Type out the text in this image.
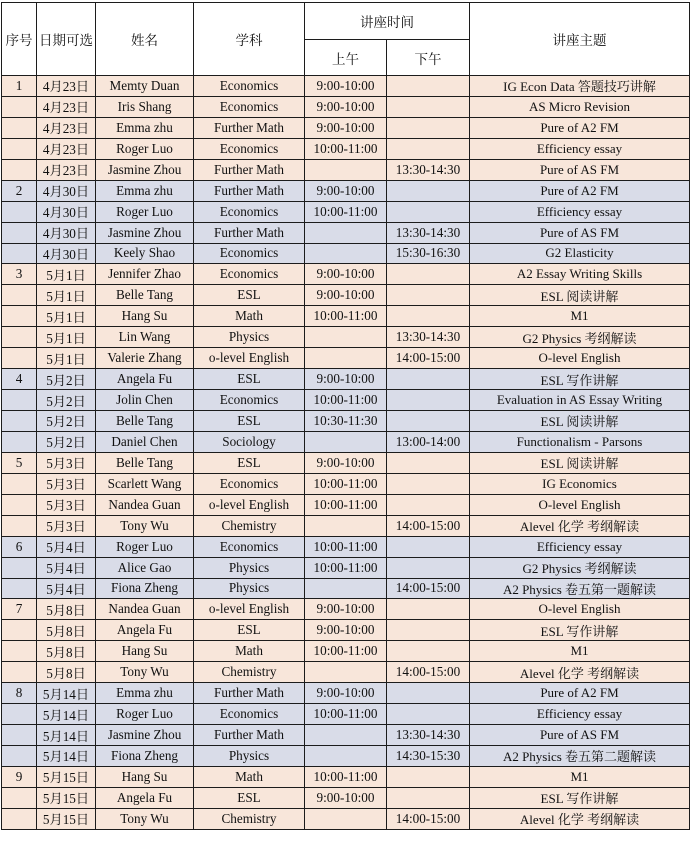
序号	日期可选	姓名	学科	讲座时间		讲座主题
				上午	下午	
1	4月23日	Memty Duan	Economics	9:00-10:00		IG Econ Data 答题技巧讲解
	4月23日	Iris Shang	Economics	9:00-10:00		AS Micro Revision
	4月23日	Emma zhu	Further Math	9:00-10:00		Pure of A2 FM
	4月23日	Roger Luo	Economics	10:00-11:00		Efficiency essay
	4月23日	Jasmine Zhou	Further Math		13:30-14:30	Pure of AS FM
2	4月30日	Emma zhu	Further Math	9:00-10:00		Pure of A2 FM
	4月30日	Roger Luo	Economics	10:00-11:00		Efficiency essay
	4月30日	Jasmine Zhou	Further Math		13:30-14:30	Pure of AS FM
	4月30日	Keely Shao	Economics		15:30-16:30	G2 Elasticity
3	5月1日	Jennifer Zhao	Economics	9:00-10:00		A2 Essay Writing Skills
	5月1日	Belle Tang	ESL	9:00-10:00		ESL 阅读讲解
	5月1日	Hang Su	Math	10:00-11:00		M1
	5月1日	Lin Wang	Physics		13:30-14:30	G2 Physics 考纲解读
	5月1日	Valerie Zhang	o-level English		14:00-15:00	O-level English
4	5月2日	Angela Fu	ESL	9:00-10:00		ESL 写作讲解
	5月2日	Jolin Chen	Economics	10:00-11:00		Evaluation in AS Essay Writing
	5月2日	Belle Tang	ESL	10:30-11:30		ESL 阅读讲解
	5月2日	Daniel Chen	Sociology		13:00-14:00	Functionalism - Parsons
5	5月3日	Belle Tang	ESL	9:00-10:00		ESL 阅读讲解
	5月3日	Scarlett Wang	Economics	10:00-11:00		IG Economics
	5月3日	Nandea Guan	o-level English	10:00-11:00		O-level English
	5月3日	Tony Wu	Chemistry		14:00-15:00	Alevel 化学 考纲解读
6	5月4日	Roger Luo	Economics	10:00-11:00		Efficiency essay
	5月4日	Alice Gao	Physics	10:00-11:00		G2 Physics 考纲解读
	5月4日	Fiona Zheng	Physics		14:00-15:00	A2 Physics 卷五第一题解读
7	5月8日	Nandea Guan	o-level English	9:00-10:00		O-level English
	5月8日	Angela Fu	ESL	9:00-10:00		ESL 写作讲解
	5月8日	Hang Su	Math	10:00-11:00		M1
	5月8日	Tony Wu	Chemistry		14:00-15:00	Alevel 化学 考纲解读
8	5月14日	Emma zhu	Further Math	9:00-10:00		Pure of A2 FM
	5月14日	Roger Luo	Economics	10:00-11:00		Efficiency essay
	5月14日	Jasmine Zhou	Further Math		13:30-14:30	Pure of AS FM
	5月14日	Fiona Zheng	Physics		14:30-15:30	A2 Physics 卷五第二题解读
9	5月15日	Hang Su	Math	10:00-11:00		M1
	5月15日	Angela Fu	ESL	9:00-10:00		ESL 写作讲解
	5月15日	Tony Wu	Chemistry		14:00-15:00	Alevel 化学 考纲解读
